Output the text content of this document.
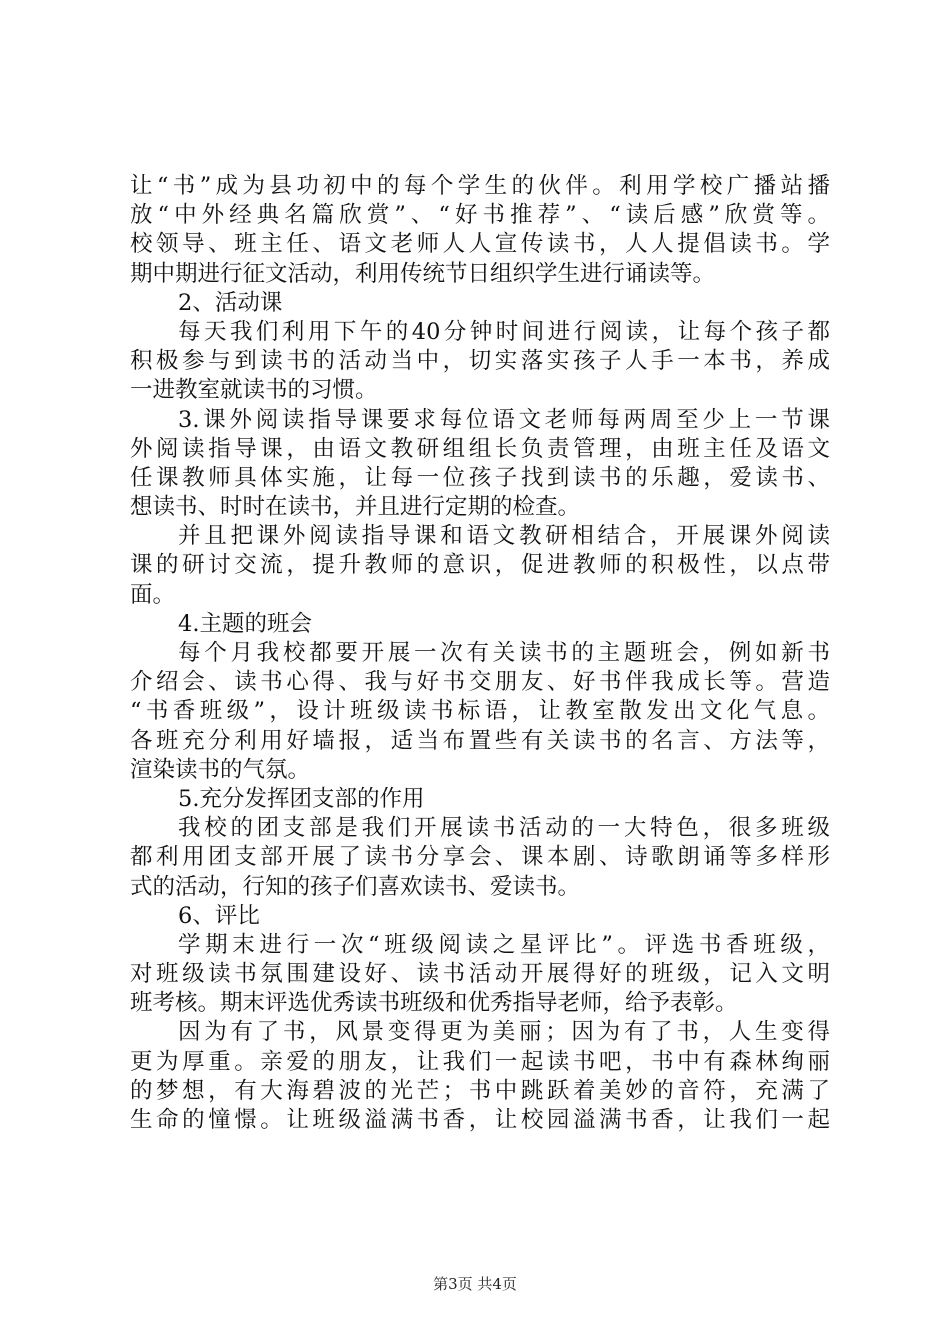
让“书”成为县功初中的每个学生的伙伴。利用学校广播站播
放“中外经典名篇欣赏”、“好书推荐”、“读后感”欣赏等。
校领导、班主任、语文老师人人宣传读书，人人提倡读书。学
期中期进行征文活动，利用传统节日组织学生进行诵读等。
2、活动课
每天我们利用下午的40分钟时间进行阅读，让每个孩子都
积极参与到读书的活动当中，切实落实孩子人手一本书，养成
一进教室就读书的习惯。
3.课外阅读指导课要求每位语文老师每两周至少上一节课
外阅读指导课，由语文教研组组长负责管理，由班主任及语文
任课教师具体实施，让每一位孩子找到读书的乐趣，爱读书、
想读书、时时在读书，并且进行定期的检查。
并且把课外阅读指导课和语文教研相结合，开展课外阅读
课的研讨交流，提升教师的意识，促进教师的积极性，以点带
面。
4.主题的班会
每个月我校都要开展一次有关读书的主题班会，例如新书
介绍会、读书心得、我与好书交朋友、好书伴我成长等。营造
“书香班级”，设计班级读书标语，让教室散发出文化气息。
各班充分利用好墙报，适当布置些有关读书的名言、方法等，
渲染读书的气氛。
5.充分发挥团支部的作用
我校的团支部是我们开展读书活动的一大特色，很多班级
都利用团支部开展了读书分享会、课本剧、诗歌朗诵等多样形
式的活动，行知的孩子们喜欢读书、爱读书。
6、评比
学期末进行一次“班级阅读之星评比”。评选书香班级，
对班级读书氛围建设好、读书活动开展得好的班级，记入文明
班考核。期末评选优秀读书班级和优秀指导老师，给予表彰。
因为有了书，风景变得更为美丽；因为有了书，人生变得
更为厚重。亲爱的朋友，让我们一起读书吧，书中有森林绚丽
的梦想，有大海碧波的光芒；书中跳跃着美妙的音符，充满了
生命的憧憬。让班级溢满书香，让校园溢满书香，让我们一起
第3页 共4页
